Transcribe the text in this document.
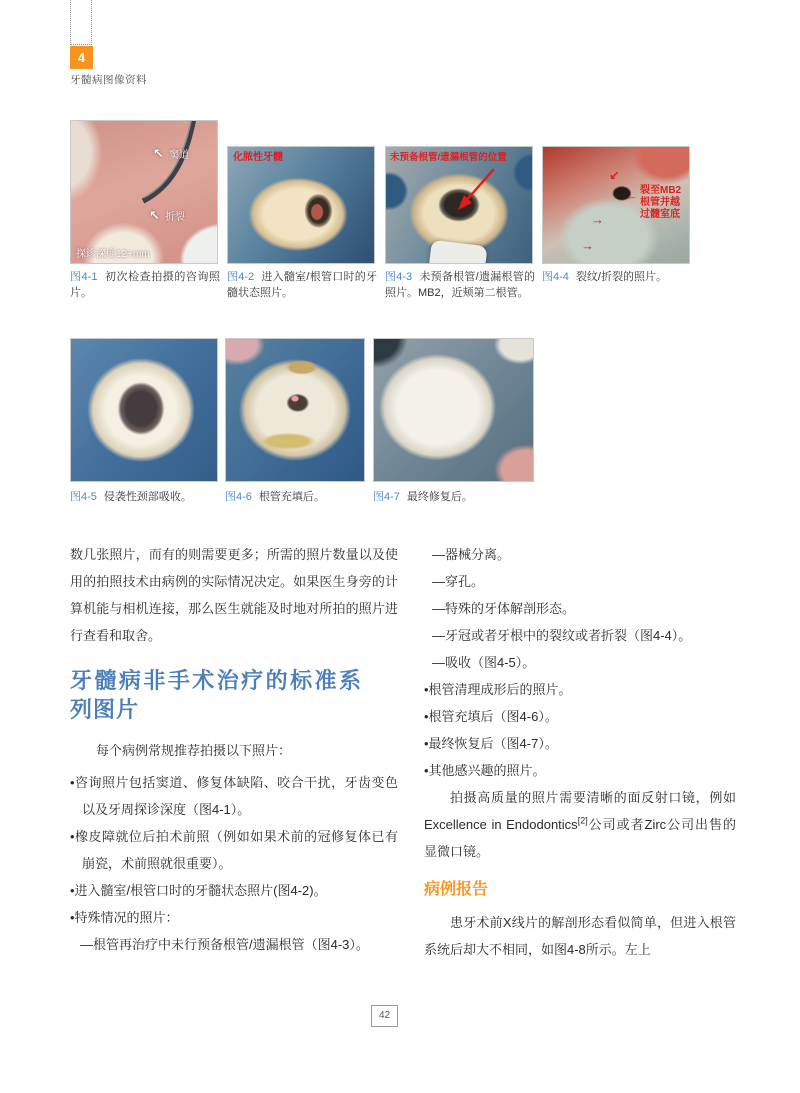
4
牙髓病图像资料
↖ 窦道
↖ 折裂
探诊深度12+mm
化脓性牙髓	未预备根管/遗漏根管的位置
↙
← 裂至MB2
根管并越
过髓室底
→
→
图4-1 初次检查拍摄的咨询照片。
图4-2 进入髓室/根管口时的牙髓状态照片。
图4-3 未预备根管/遗漏根管的照片。MB2，近颊第二根管。
图4-4 裂纹/折裂的照片。
图4-5 侵袭性颈部吸收。	图4-6 根管充填后。	图4-7 最终修复后。

数几张照片，而有的则需要更多；所需的照片数量以及使用的拍照技术由病例的实际情况决定。如果医生身旁的计算机能与相机连接，那么医生就能及时地对所拍的照片进行查看和取舍。

牙髓病非手术治疗的标准系列图片

每个病例常规推荐拍摄以下照片：

•咨询照片包括窦道、修复体缺陷、咬合干扰，牙齿变色以及牙周探诊深度（图4-1）。
•橡皮障就位后拍术前照（例如如果术前的冠修复体已有崩瓷，术前照就很重要）。
•进入髓室/根管口时的牙髓状态照片(图4-2)。
•特殊情况的照片：
—根管再治疗中未行预备根管/遗漏根管（图4-3）。
—器械分离。
—穿孔。
—特殊的牙体解剖形态。
—牙冠或者牙根中的裂纹或者折裂（图4-4）。
—吸收（图4-5）。
•根管清理成形后的照片。
•根管充填后（图4-6）。
•最终恢复后（图4-7）。
•其他感兴趣的照片。

拍摄高质量的照片需要清晰的面反射口镜，例如Excellence in Endodontics[2]公司或者Zirc公司出售的显微口镜。

病例报告

患牙术前X线片的解剖形态看似简单，但进入根管系统后却大不相同，如图4-8所示。左上

42
